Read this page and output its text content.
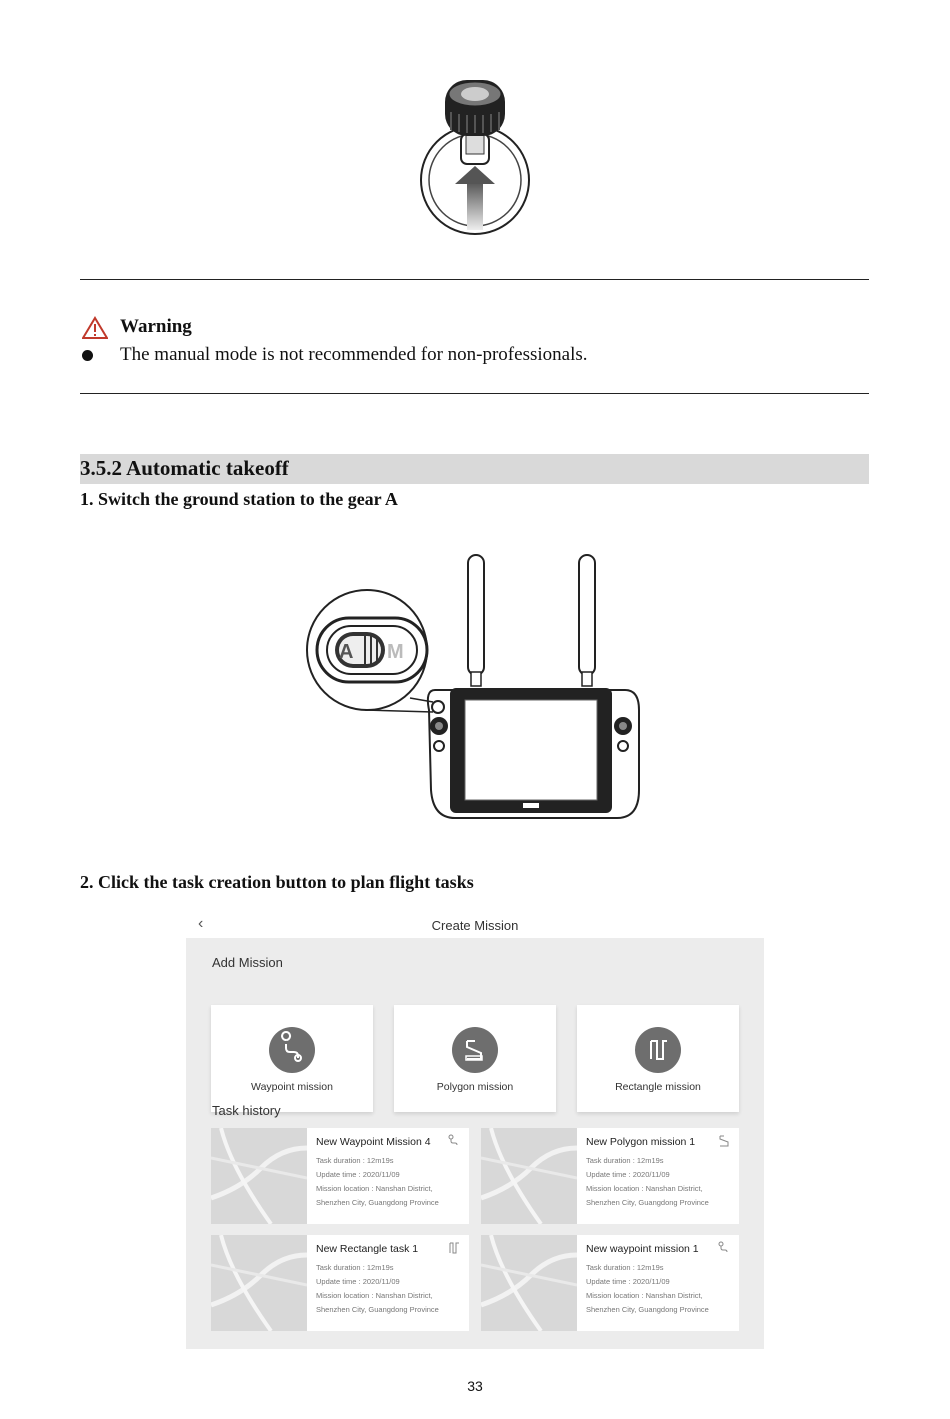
Warning
The manual mode is not recommended for non-professionals.
3.5.2 Automatic takeoff
1. Switch the ground station to the gear A
A M
2. Click the task creation button to plan flight tasks
‹	Create Mission
Add Mission
Waypoint mission	Polygon mission	Rectangle mission
Task history
New Waypoint Mission 4
Task duration : 12m19s
Update time : 2020/11/09
Mission location : Nanshan District,
Shenzhen City, Guangdong Province
New Polygon mission 1
Task duration : 12m19s
Update time : 2020/11/09
Mission location : Nanshan District,
Shenzhen City, Guangdong Province
New Rectangle task 1
Task duration : 12m19s
Update time : 2020/11/09
Mission location : Nanshan District,
Shenzhen City, Guangdong Province
New waypoint mission 1
Task duration : 12m19s
Update time : 2020/11/09
Mission location : Nanshan District,
Shenzhen City, Guangdong Province
33
